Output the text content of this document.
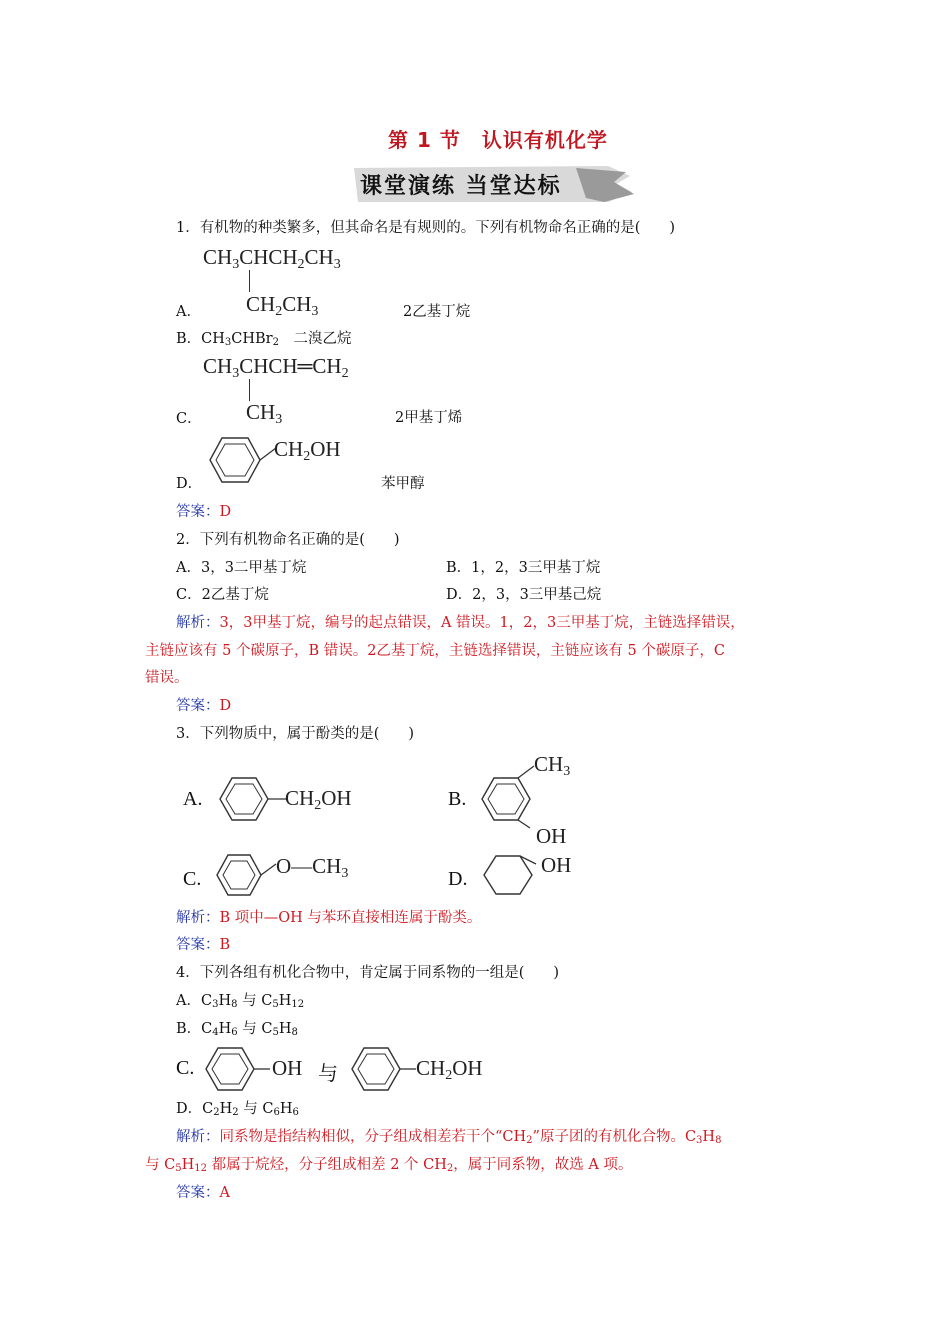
第 1 节　认识有机化学
课堂演练 当堂达标
1．有机物的种类繁多，但其命名是有规则的。下列有机物命名正确的是(　　)
$CH_3CHCH_2CH_3$
$CH_2CH_3$
A．	2乙基丁烷
B．CH3CHBr2　二溴乙烷
$CH_3CHCH═CH_2$
$CH_3$
C．	2甲基丁烯
$CH_2OH$
D．	苯甲醇
答案：D
2．下列有机物命名正确的是(　　)
A．3，3二甲基丁烷	B．1，2，3三甲基丁烷
C．2乙基丁烷	D．2，3，3三甲基己烷
解析：3，3甲基丁烷，编号的起点错误，A 错误。1，2，3三甲基丁烷，主链选择错误，
主链应该有 5 个碳原子，B 错误。2乙基丁烷，主链选择错误，主链应该有 5 个碳原子，C
错误。
答案：D
3．下列物质中，属于酚类的是(　　)
A.	$CH_2OH$	B.
$CH_3$
OH
C.
$O—CH_3$	D.
OH
解析：B 项中—OH 与苯环直接相连属于酚类。
答案：B
4．下列各组有机化合物中，肯定属于同系物的一组是(　　)
A．C3H8 与 C5H12
B．C4H6 与 C5H8
C.	OH 与	$CH_2OH$
D．C2H2 与 C6H6
解析：同系物是指结构相似，分子组成相差若干个“CH2”原子团的有机化合物。C3H8
与 C5H12 都属于烷烃，分子组成相差 2 个 CH2，属于同系物，故选 A 项。
答案：A
